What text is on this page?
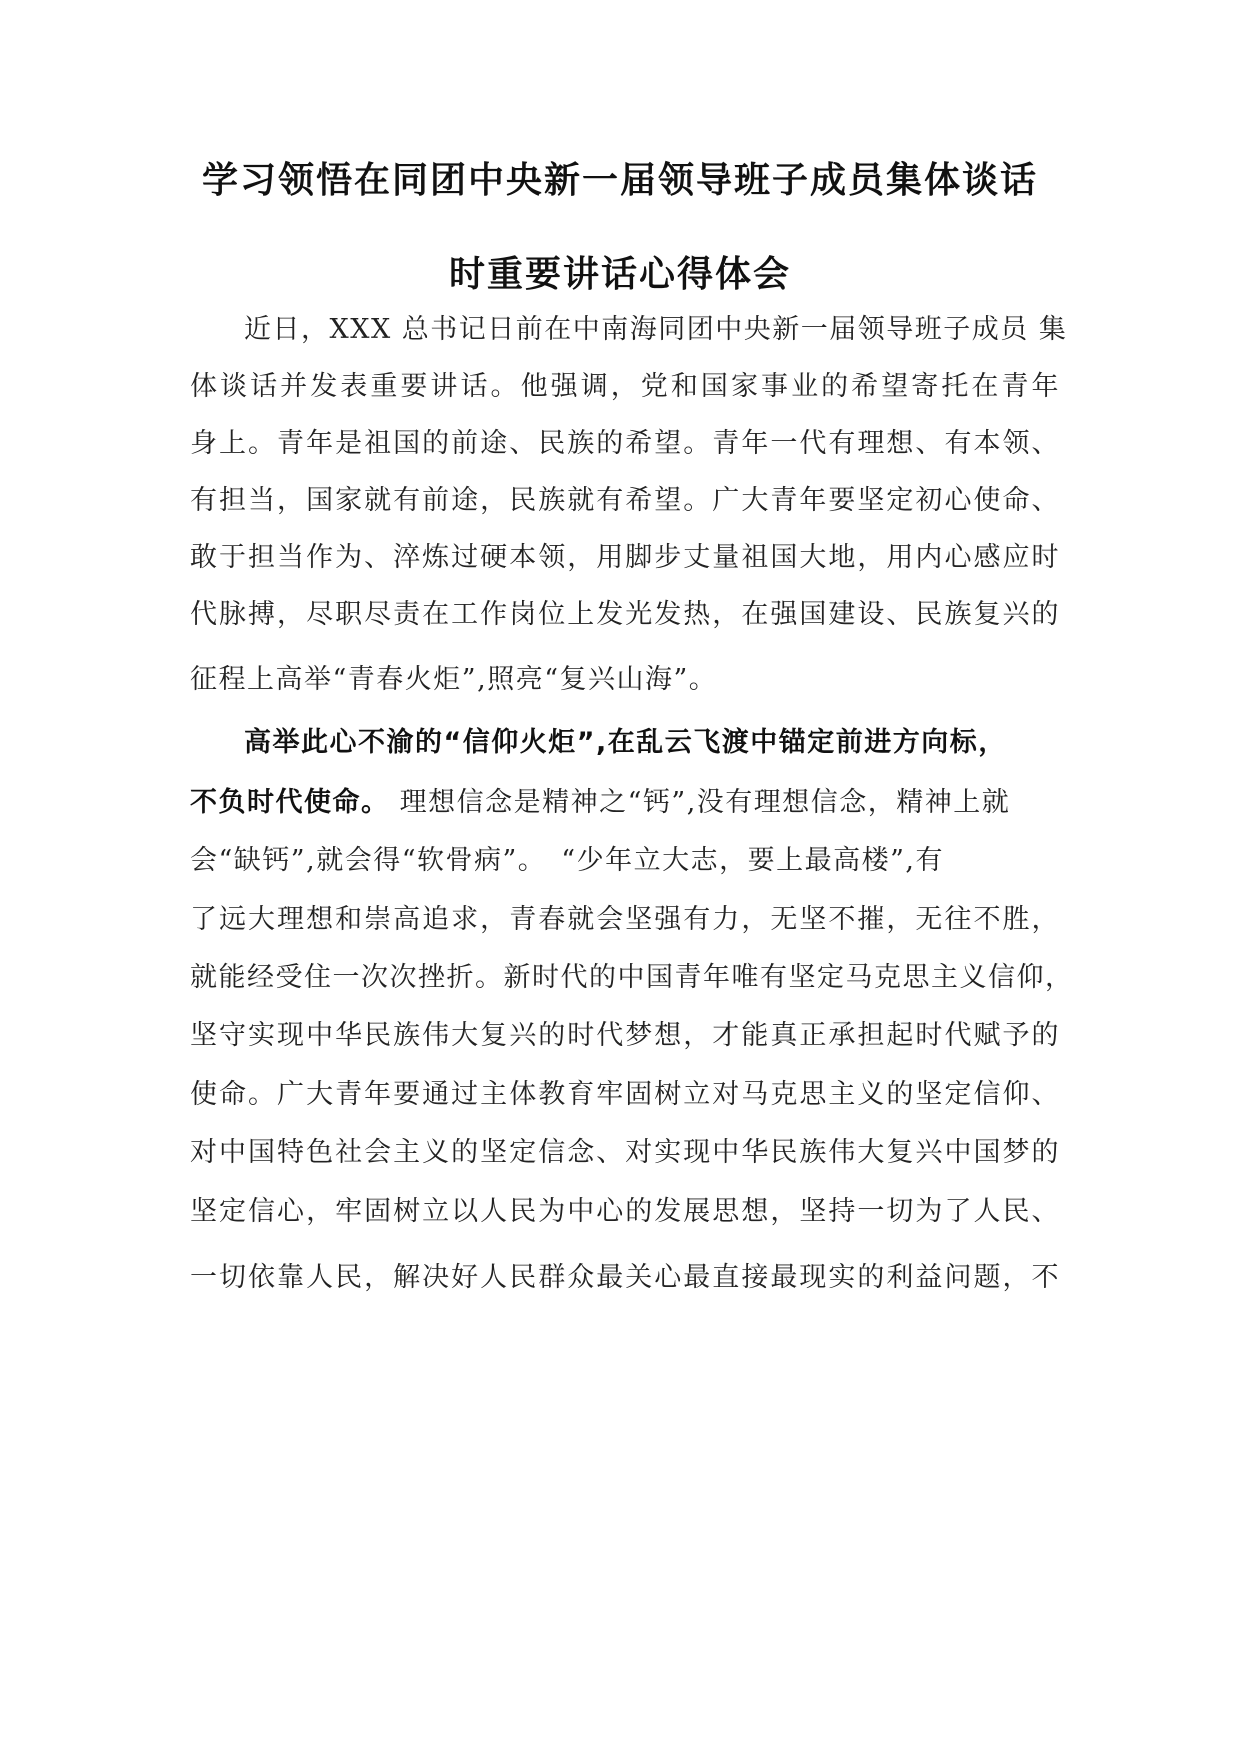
学习领悟在同团中央新一届领导班子成员集体谈话
时重要讲话心得体会
近日，XXX 总书记日前在中南海同团中央新一届领导班子成员 集
体谈话并发表重要讲话。他强调，党和国家事业的希望寄托在青年
身上。青年是祖国的前途、民族的希望。青年一代有理想、有本领、
有担当，国家就有前途，民族就有希望。广大青年要坚定初心使命、
敢于担当作为、淬炼过硬本领，用脚步丈量祖国大地，用内心感应时
代脉搏，尽职尽责在工作岗位上发光发热，在强国建设、民族复兴的
征程上高举“青春火炬”,照亮“复兴山海”。
高举此心不渝的“信仰火炬”,在乱云飞渡中锚定前进方向标，
不负时代使命。 理想信念是精神之“钙”,没有理想信念，精神上就
会“缺钙”,就会得“软骨病”。　“少年立大志，要上最高楼”,有
了远大理想和崇高追求，青春就会坚强有力，无坚不摧，无往不胜，
就能经受住一次次挫折。新时代的中国青年唯有坚定马克思主义信仰，
坚守实现中华民族伟大复兴的时代梦想，才能真正承担起时代赋予的
使命。广大青年要通过主体教育牢固树立对马克思主义的坚定信仰、
对中国特色社会主义的坚定信念、对实现中华民族伟大复兴中国梦的
坚定信心，牢固树立以人民为中心的发展思想，坚持一切为了人民、
一切依靠人民，解决好人民群众最关心最直接最现实的利益问题，不
